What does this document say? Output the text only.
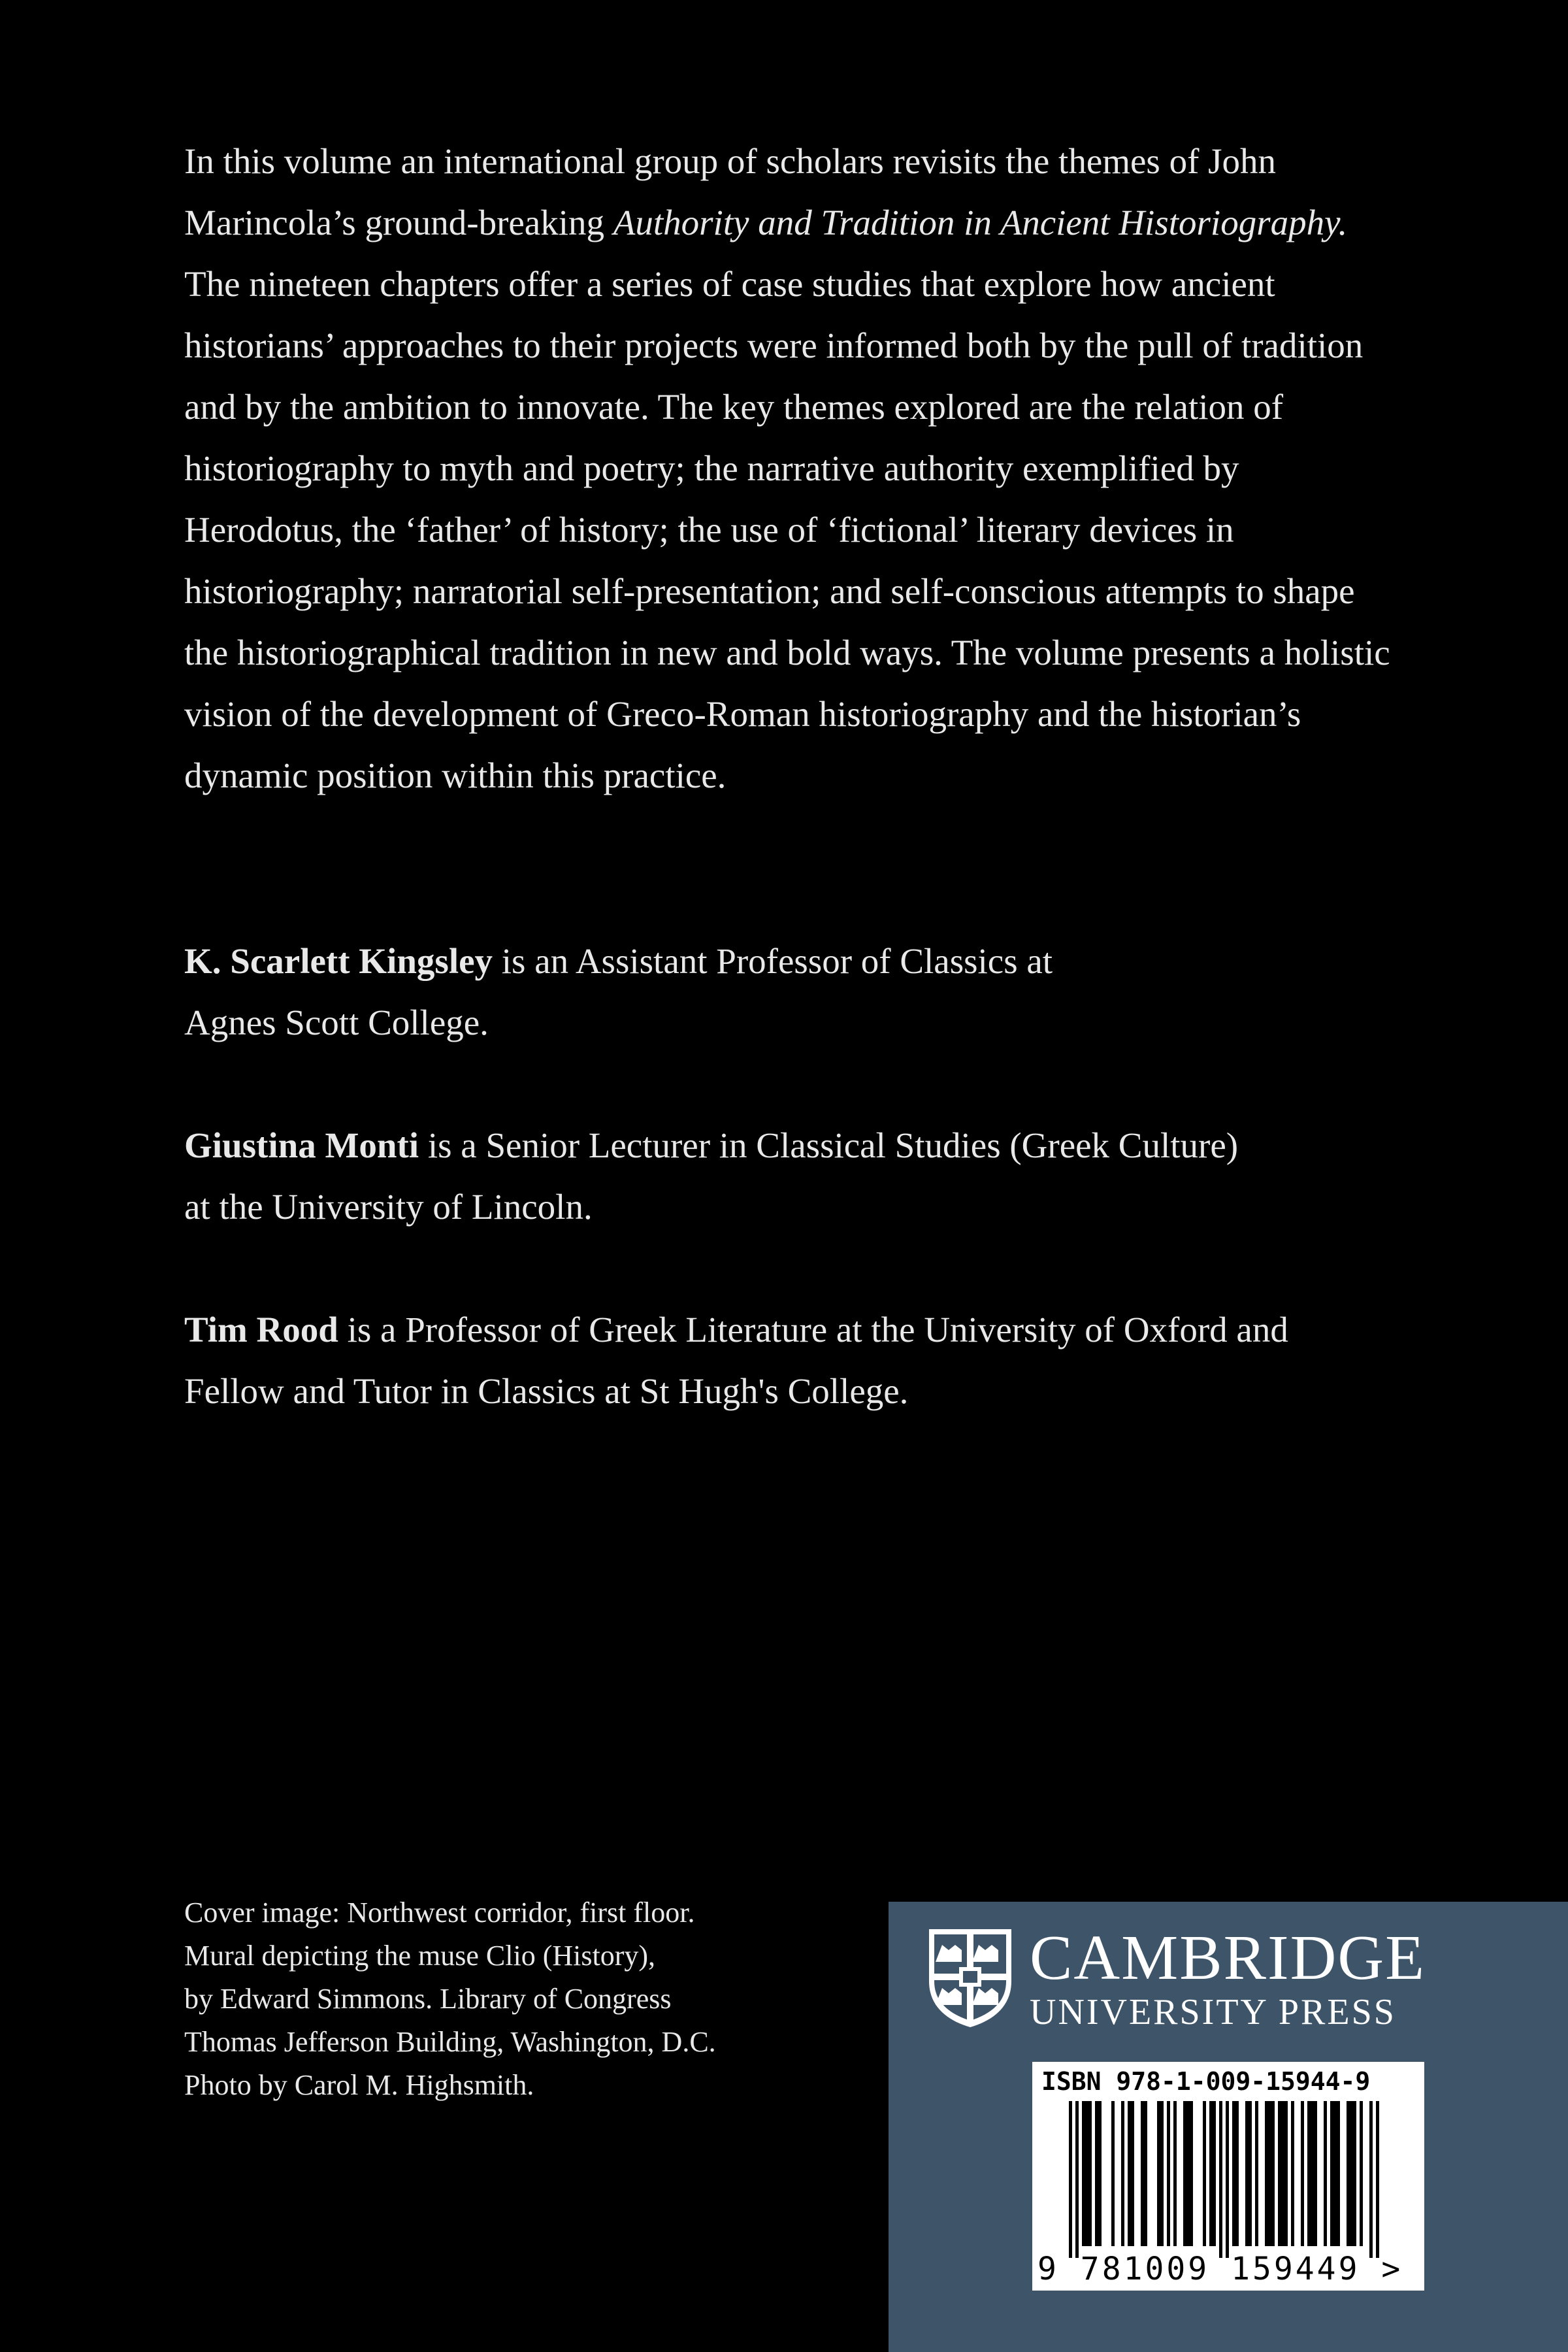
In this volume an international group of scholars revisits the themes of John Marincola’s ground-breaking Authority and Tradition in Ancient Historiography. The nineteen chapters offer a series of case studies that explore how ancient historians’ approaches to their projects were informed both by the pull of tradition and by the ambition to innovate. The key themes explored are the relation of historiography to myth and poetry; the narrative authority exemplified by Herodotus, the ‘father’ of history; the use of ‘fictional’ literary devices in historiography; narratorial self-presentation; and self-conscious attempts to shape the historiographical tradition in new and bold ways. The volume presents a holistic vision of the development of Greco-Roman historiography and the historian’s dynamic position within this practice.

K. Scarlett Kingsley is an Assistant Professor of Classics at
Agnes Scott College.

Giustina Monti is a Senior Lecturer in Classical Studies (Greek Culture)
at the University of Lincoln.

Tim Rood is a Professor of Greek Literature at the University of Oxford and
Fellow and Tutor in Classics at St Hugh's College.

Cover image: Northwest corridor, first floor.
Mural depicting the muse Clio (History),
by Edward Simmons. Library of Congress
Thomas Jefferson Building, Washington, D.C.
Photo by Carol M. Highsmith.

CAMBRIDGE
UNIVERSITY PRESS
ISBN 978-1-009-15944-9
9 781009 159449 >
